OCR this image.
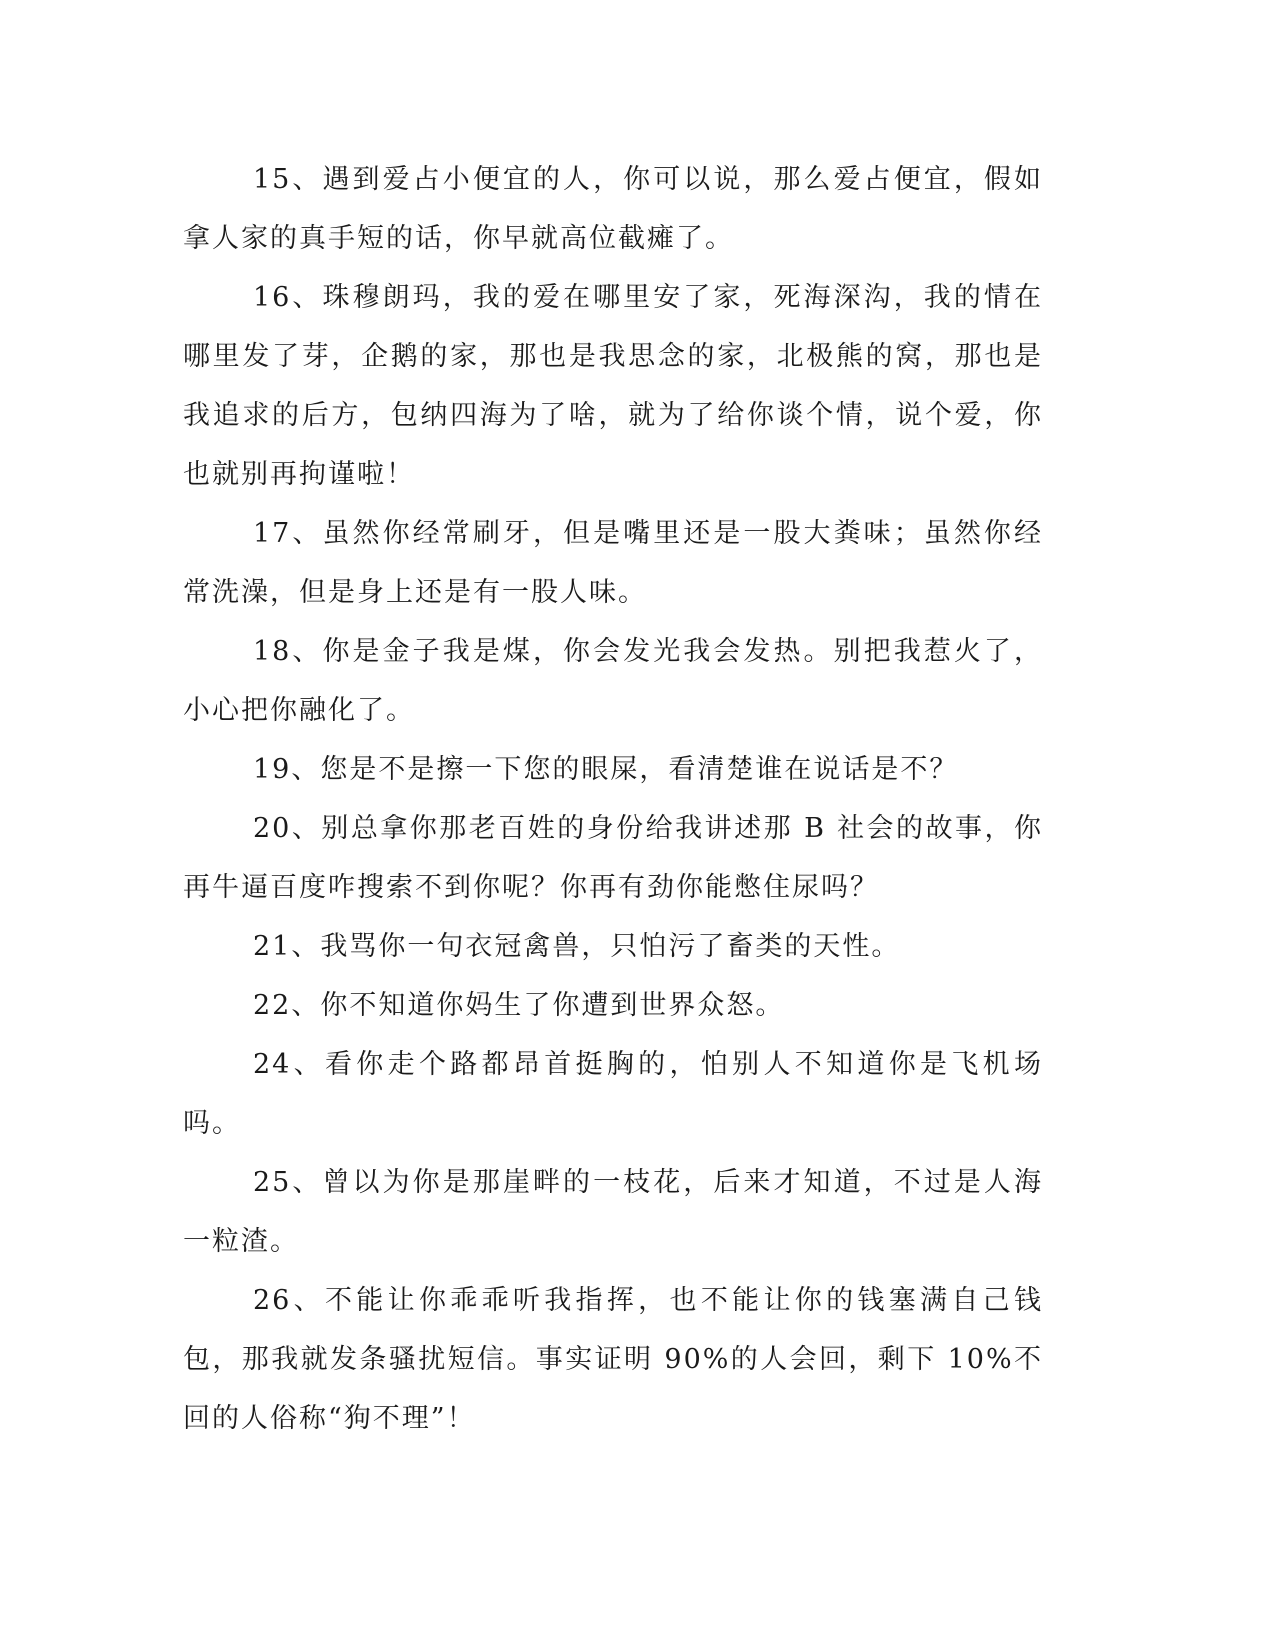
15、遇到爱占小便宜的人，你可以说，那么爱占便宜，假如拿人家的真手短的话，你早就高位截瘫了。

16、珠穆朗玛，我的爱在哪里安了家，死海深沟，我的情在哪里发了芽，企鹅的家，那也是我思念的家，北极熊的窝，那也是我追求的后方，包纳四海为了啥，就为了给你谈个情，说个爱，你也就别再拘谨啦！

17、虽然你经常刷牙，但是嘴里还是一股大粪味；虽然你经常洗澡，但是身上还是有一股人味。

18、你是金子我是煤，你会发光我会发热。别把我惹火了，小心把你融化了。

19、您是不是擦一下您的眼屎，看清楚谁在说话是不？

20、别总拿你那老百姓的身份给我讲述那 B 社会的故事，你再牛逼百度咋搜索不到你呢？你再有劲你能憋住尿吗？

21、我骂你一句衣冠禽兽，只怕污了畜类的天性。

22、你不知道你妈生了你遭到世界众怒。

24、看你走个路都昂首挺胸的，怕别人不知道你是飞机场吗。

25、曾以为你是那崖畔的一枝花，后来才知道，不过是人海一粒渣。

26、不能让你乖乖听我指挥，也不能让你的钱塞满自己钱包，那我就发条骚扰短信。事实证明 90%的人会回，剩下 10%不回的人俗称“狗不理”！
